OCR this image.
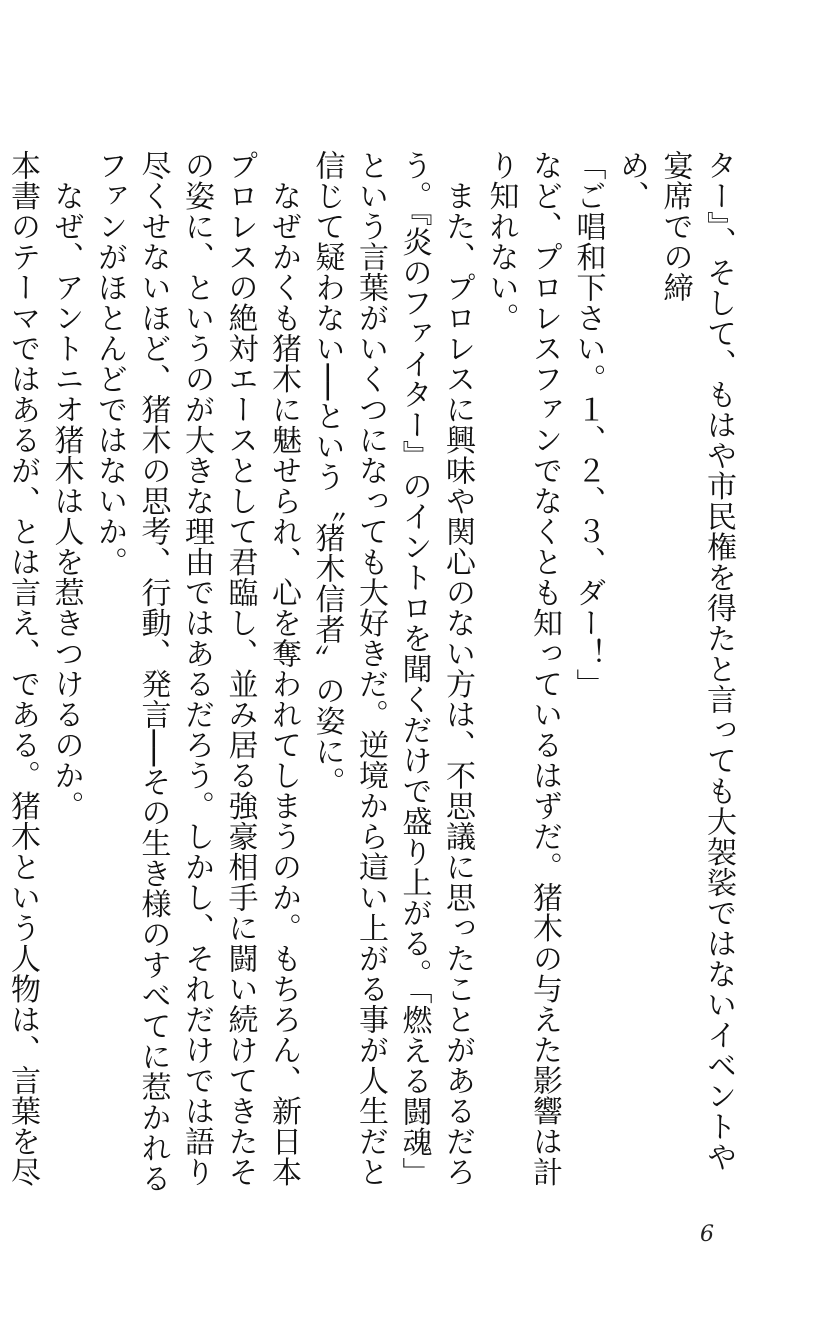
ター』、そして、もはや市民権を得たと言っても大袈裟ではないイベントや宴席での締

め、

「ご唱和下さい。１、２、３、ダー！」

など、プロレスファンでなくとも知っているはずだ。猪木の与えた影響は計り知れない。

　また、プロレスに興味や関心のない方は、不思議に思ったことがあるだろう。『炎のファイター』のイントロを聞くだけで盛り上がる。「燃える闘魂」という言葉がいくつになっても大好きだ。逆境から這い上がる事が人生だと信じて疑わない──という〝猪木信者〟の姿に。

　なぜかくも猪木に魅せられ、心を奪われてしまうのか。もちろん、新日本プロレスの絶対エースとして君臨し、並み居る強豪相手に闘い続けてきたその姿に、というのが大きな理由ではあるだろう。しかし、それだけでは語り尽くせないほど、猪木の思考、行動、発言──その生き様のすべてに惹かれるファンがほとんどではないか。

　なぜ、アントニオ猪木は人を惹きつけるのか。

本書のテーマではあるが、とは言え、である。猪木という人物は、言葉を尽

6
